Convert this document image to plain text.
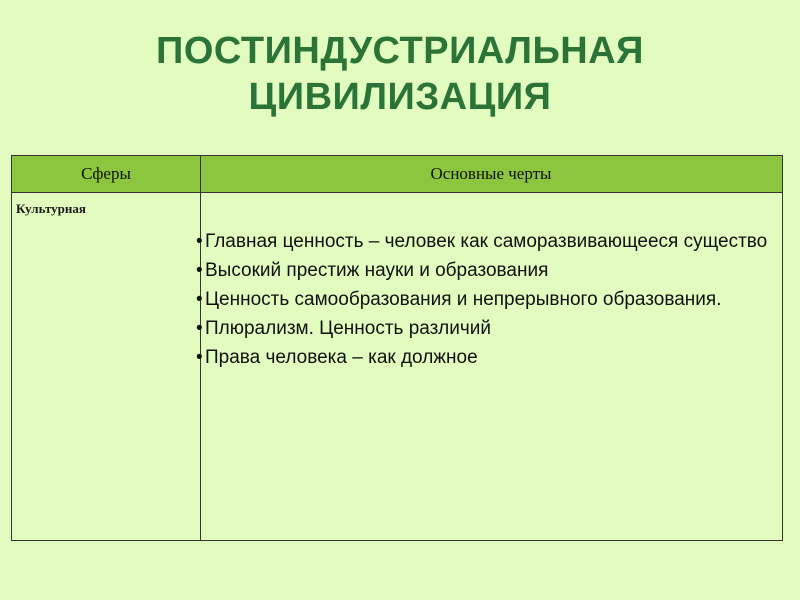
ПОСТИНДУСТРИАЛЬНАЯ
ЦИВИЛИЗАЦИЯ
Сферы	Основные черты
Культурная
• Главная ценность – человек как саморазвивающееся существо
• Высокий престиж науки и образования
• Ценность самообразования и непрерывного образования.
• Плюрализм. Ценность различий
• Права человека – как должное
